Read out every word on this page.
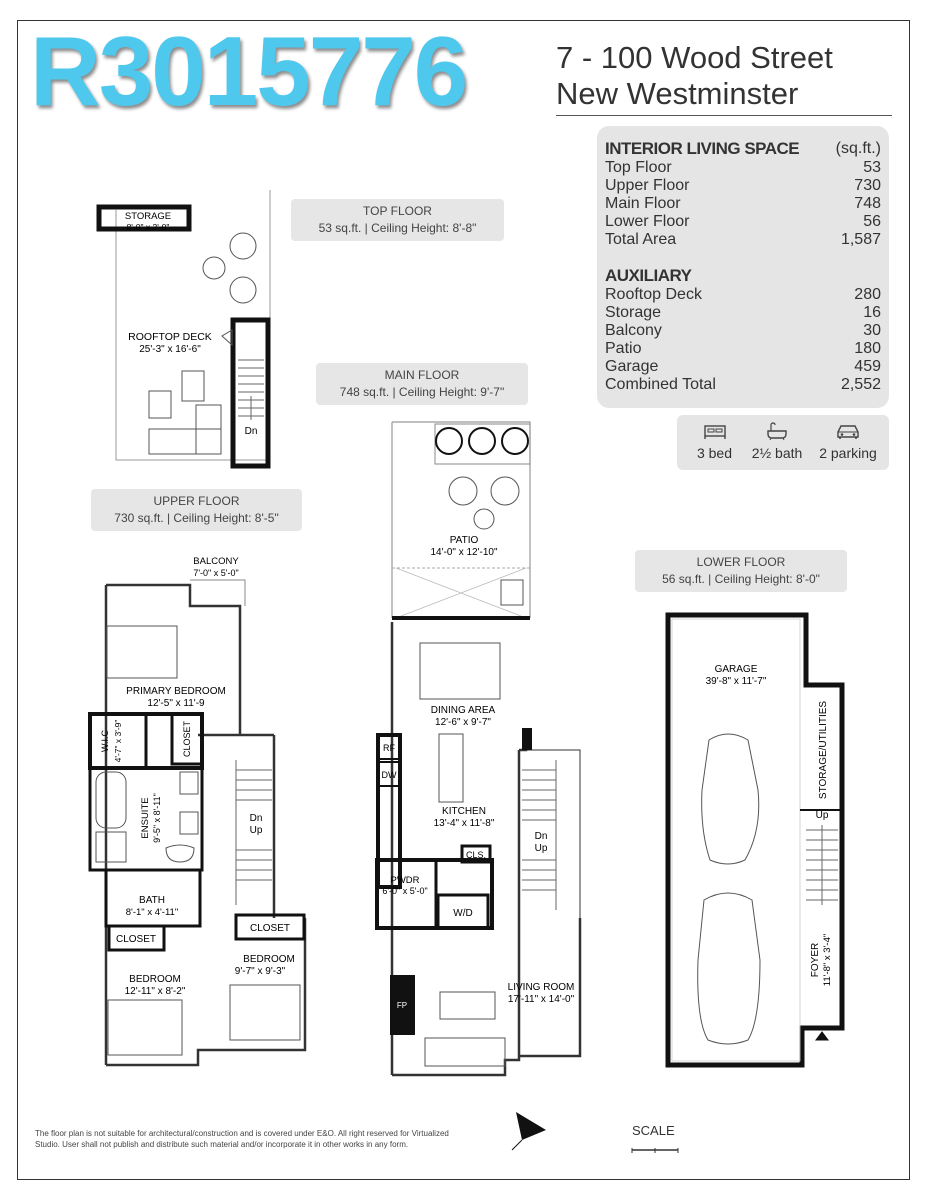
R3015776	7 - 100 Wood Street
New Westminster
INTERIOR LIVING SPACE (sq.ft.)
Top Floor	53
Upper Floor	730
Main Floor	748
Lower Floor	56
Total Area	1,587
AUXILIARY
Rooftop Deck	280
Storage	16
Balcony	30
Patio	180
Garage	459
Combined Total	2,552
3 bed	2½ bath	2 parking
TOP FLOOR
53 sq.ft. | Ceiling Height: 8'-8"
MAIN FLOOR
748 sq.ft. | Ceiling Height: 9'-7"
UPPER FLOOR
730 sq.ft. | Ceiling Height: 8'-5"
LOWER FLOOR
56 sq.ft. | Ceiling Height: 8'-0"
STORAGE
8'-0" x 2'-0"
ROOFTOP DECK
25'-3" x 16'-6"
Dn
PATIO
14'-0" x 12'-10"
DINING AREA
12'-6" x 9'-7"
KITCHEN
13'-4" x 11'-8"
RF
DW
CLS.
PWDR
6'-0" x 5'-0"
W/D
FP
LIVING ROOM
17'-11" x 14'-0"
Dn
Up
BALCONY
7'-0" x 5'-0"
PRIMARY BEDROOM
12'-5" x 11'-9
W.I.C 4'-7" x 3'-9"	CLOSET
ENSUITE 9'-5" x 8'-11"
BATH
8'-1" x 4'-11"
CLOSET
CLOSET
BEDROOM
12'-11" x 8'-2"
BEDROOM
9'-7" x 9'-3"
Dn
Up
GARAGE
39'-8" x 11'-7"
STORAGE/UTILITIES
Up
FOYER 11'-8" x 3'-4"
SCALE
The floor plan is not suitable for architectural/construction and is covered under E&O. All right reserved for Virtualized Studio. User shall not publish and distribute such material and/or incorporate it in other works in any form.
